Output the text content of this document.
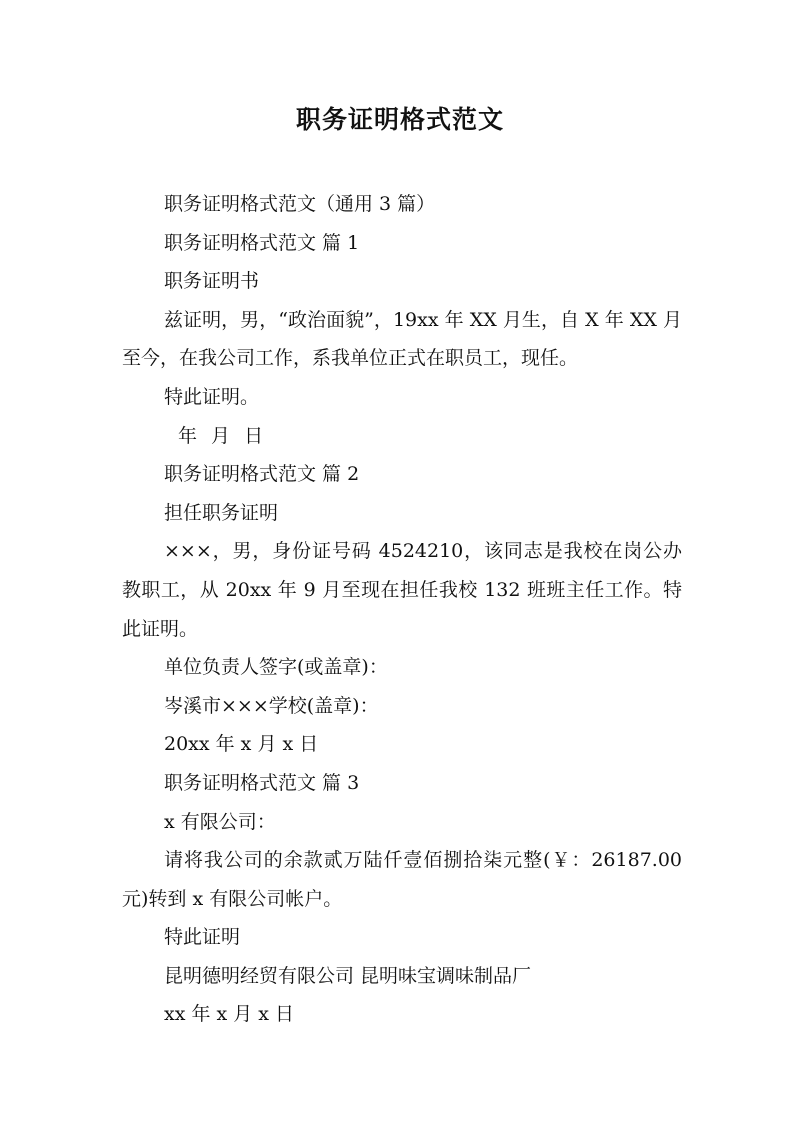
职务证明格式范文

职务证明格式范文（通用 3 篇）

职务证明格式范文 篇 1

职务证明书

兹证明，男，“政治面貌”，19xx 年 XX 月生，自 X 年 XX 月至今，在我公司工作，系我单位正式在职员工，现任。

特此证明。

年 月 日

职务证明格式范文 篇 2

担任职务证明

×××，男，身份证号码 4524210，该同志是我校在岗公办教职工，从 20xx 年 9 月至现在担任我校 132 班班主任工作。特此证明。

单位负责人签字(或盖章)：

岑溪市×××学校(盖章)：

20xx 年 x 月 x 日

职务证明格式范文 篇 3

x 有限公司：

请将我公司的余款贰万陆仟壹佰捌拾柒元整(￥：26187.00 元)转到 x 有限公司帐户。

特此证明

昆明德明经贸有限公司 昆明味宝调味制品厂

xx 年 x 月 x 日
